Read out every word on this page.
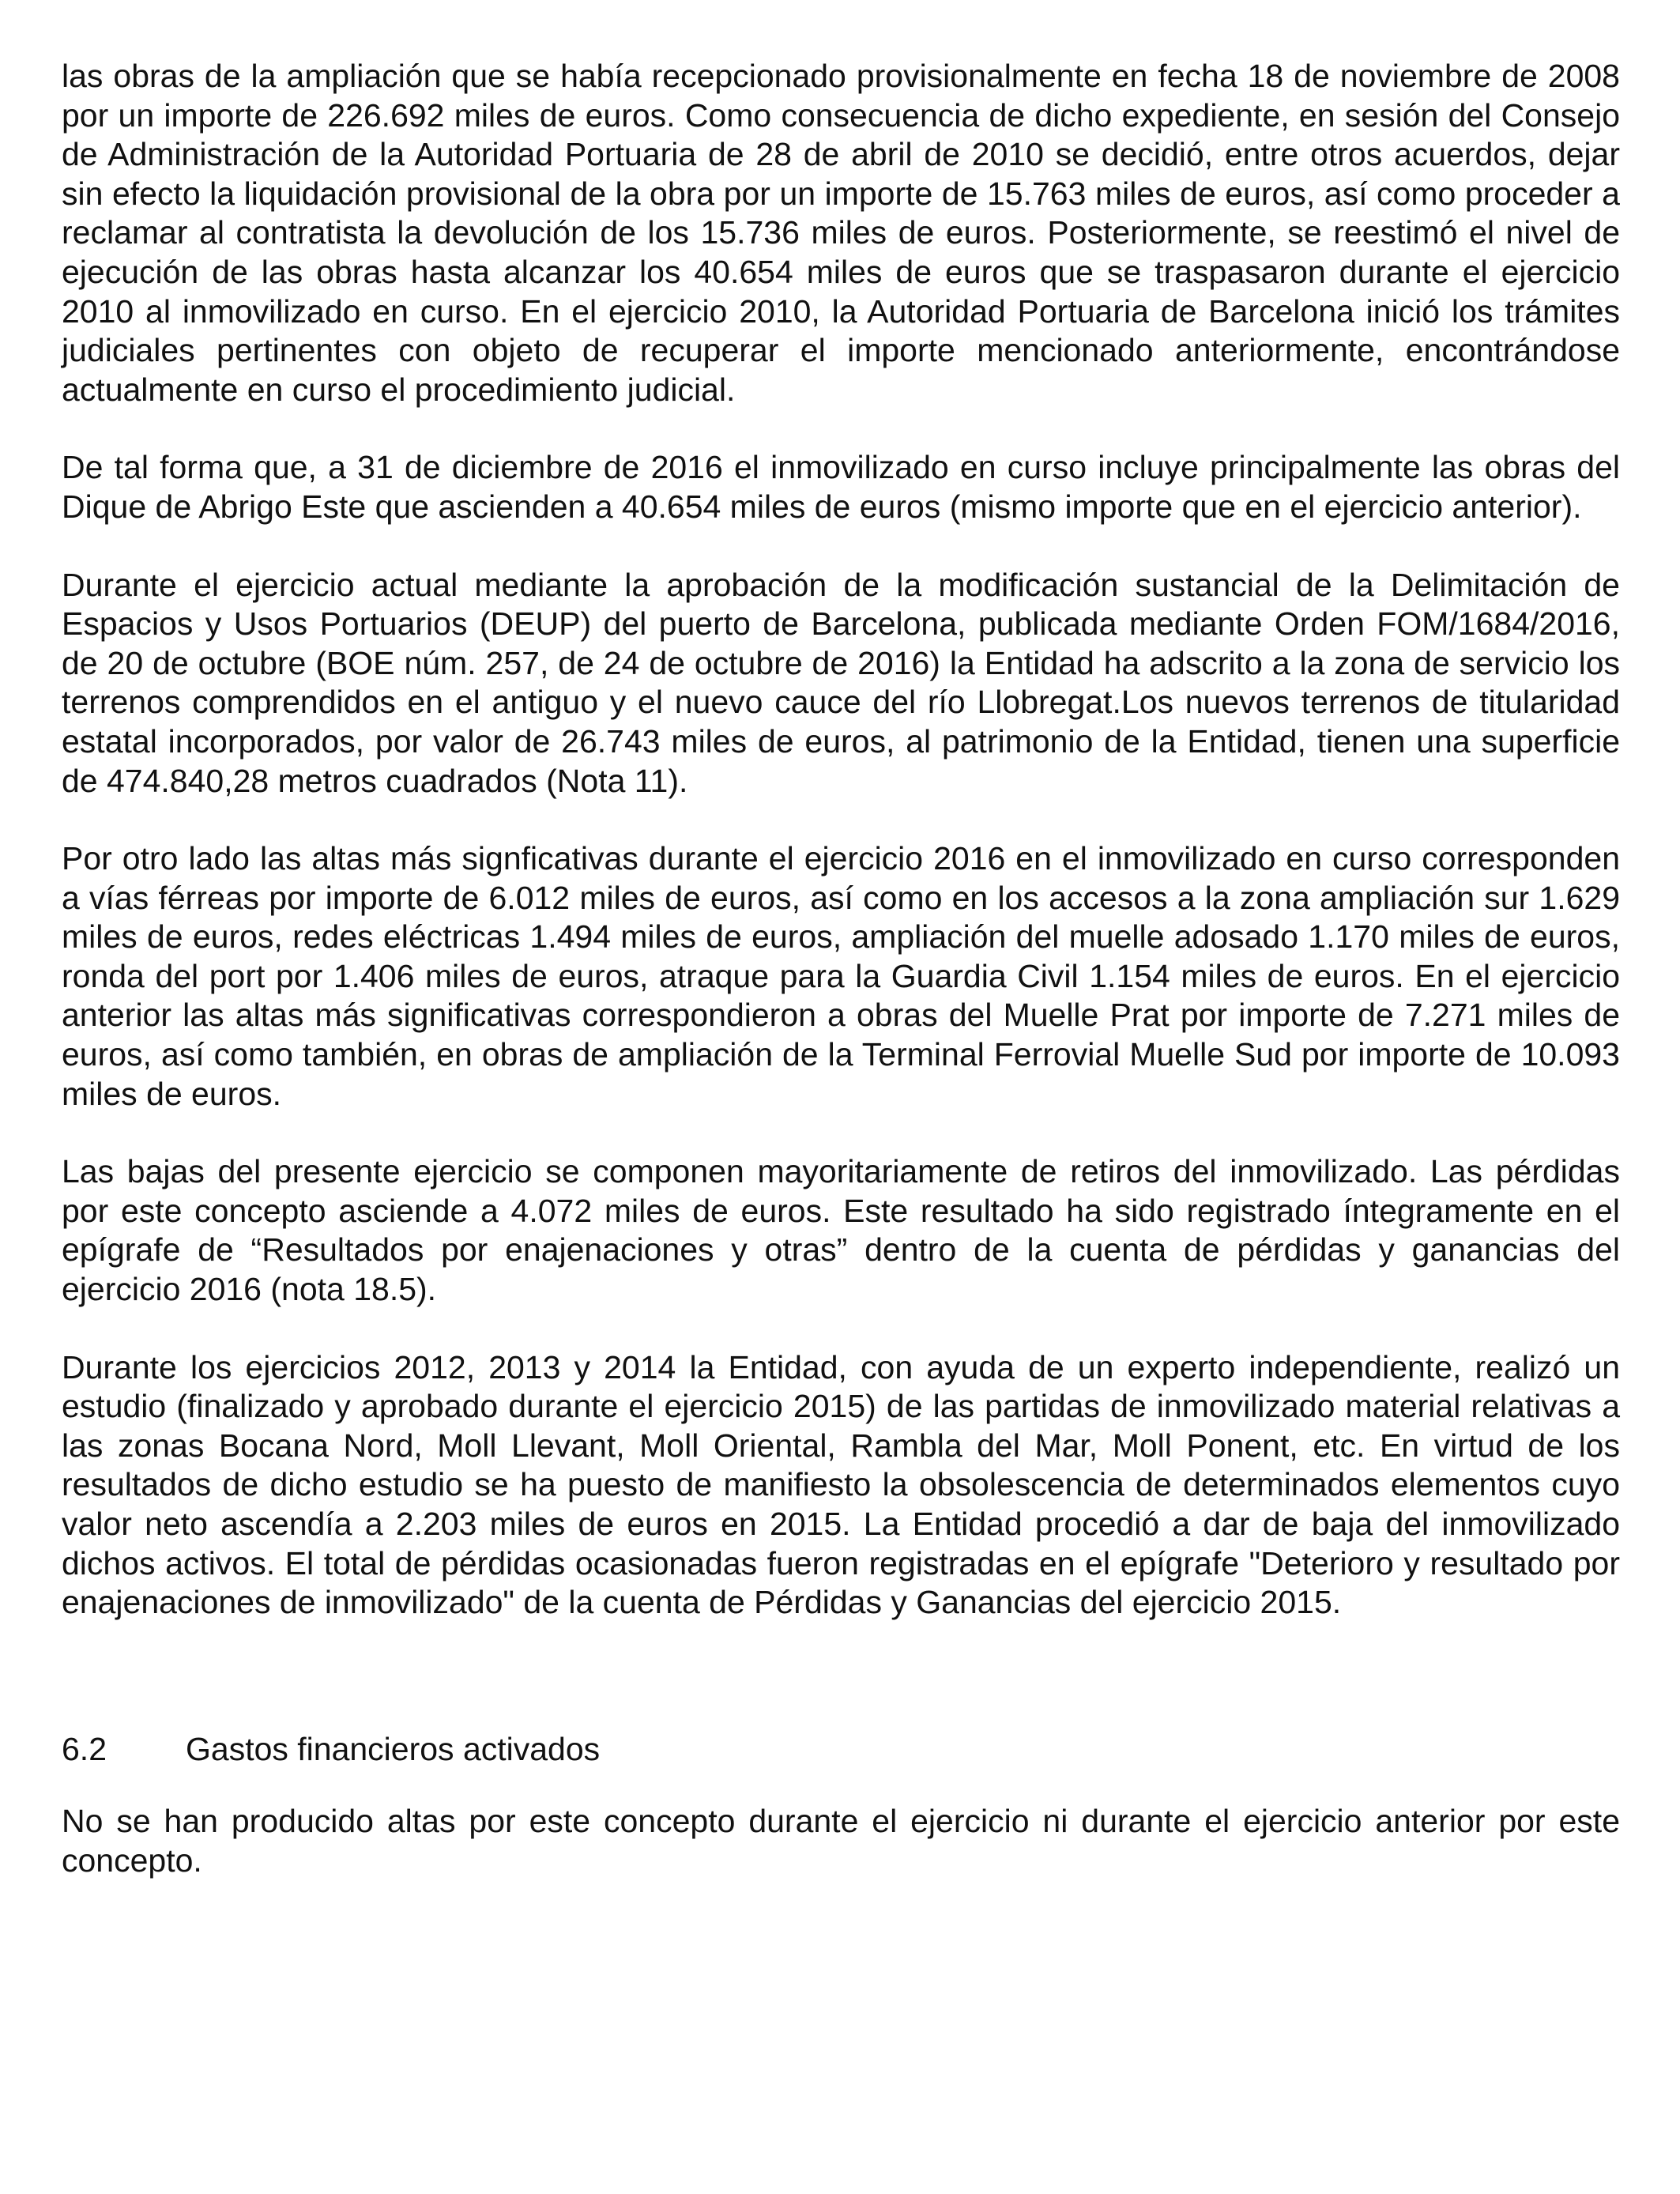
las obras de la ampliación que se había recepcionado provisionalmente en fecha 18 de noviembre de 2008 por un importe de 226.692 miles de euros. Como consecuencia de dicho expediente, en sesión del Consejo de Administración de la Autoridad Portuaria de 28 de abril de 2010 se decidió, entre otros acuerdos, dejar sin efecto la liquidación provisional de la obra por un importe de 15.763 miles de euros, así como proceder a reclamar al contratista la devolución de los 15.736 miles de euros. Posteriormente, se reestimó el nivel de ejecución de las obras hasta alcanzar los 40.654 miles de euros que se traspasaron durante el ejercicio 2010 al inmovilizado en curso. En el ejercicio 2010, la Autoridad Portuaria de Barcelona inició los trámites judiciales pertinentes con objeto de recuperar el importe mencionado anteriormente, encontrándose actualmente en curso el procedimiento judicial.

De tal forma que, a 31 de diciembre de 2016 el inmovilizado en curso incluye principalmente las obras del Dique de Abrigo Este que ascienden a 40.654 miles de euros (mismo importe que en el ejercicio anterior).

Durante el ejercicio actual mediante la aprobación de la modificación sustancial de la Delimitación de Espacios y Usos Portuarios (DEUP) del puerto de Barcelona, publicada mediante Orden FOM/1684/2016, de 20 de octubre (BOE núm. 257, de 24 de octubre de 2016) la Entidad ha adscrito a la zona de servicio los terrenos comprendidos en el antiguo y el nuevo cauce del río Llobregat.Los nuevos terrenos de titularidad estatal incorporados, por valor de 26.743 miles de euros, al patrimonio de la Entidad, tienen una superficie de 474.840,28 metros cuadrados (Nota 11).

Por otro lado las altas más signficativas durante el ejercicio 2016 en el inmovilizado en curso corresponden a vías férreas por importe de 6.012 miles de euros, así como en los accesos a la zona ampliación sur 1.629 miles de euros, redes eléctricas 1.494 miles de euros, ampliación del muelle adosado 1.170 miles de euros, ronda del port por 1.406 miles de euros, atraque para la Guardia Civil 1.154 miles de euros. En el ejercicio anterior las altas más significativas correspondieron a obras del Muelle Prat por importe de 7.271 miles de euros, así como también, en obras de ampliación de la Terminal Ferrovial Muelle Sud por importe de 10.093 miles de euros.

Las bajas del presente ejercicio se componen mayoritariamente de retiros del inmovilizado. Las pérdidas por este concepto asciende a 4.072 miles de euros. Este resultado ha sido registrado íntegramente en el epígrafe de “Resultados por enajenaciones y otras” dentro de la cuenta de pérdidas y ganancias del ejercicio 2016 (nota 18.5).

Durante los ejercicios 2012, 2013 y 2014 la Entidad, con ayuda de un experto independiente, realizó un estudio (finalizado y aprobado durante el ejercicio 2015) de las partidas de inmovilizado material relativas a las zonas Bocana Nord, Moll Llevant, Moll Oriental, Rambla del Mar, Moll Ponent, etc. En virtud de los resultados de dicho estudio se ha puesto de manifiesto la obsolescencia de determinados elementos cuyo valor neto ascendía a 2.203 miles de euros en 2015. La Entidad procedió a dar de baja del inmovilizado dichos activos. El total de pérdidas ocasionadas fueron registradas en el epígrafe "Deterioro y resultado por enajenaciones de inmovilizado" de la cuenta de Pérdidas y Ganancias del ejercicio 2015.

6.2	Gastos financieros activados

No se han producido altas por este concepto durante el ejercicio ni durante el ejercicio anterior por este concepto.
